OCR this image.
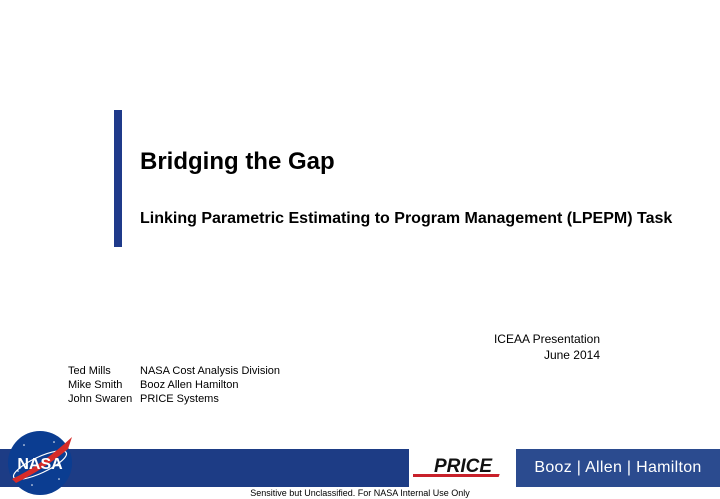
Bridging the Gap
Linking Parametric Estimating to Program Management (LPEPM) Task
ICEAA Presentation
June 2014
Ted Mills	NASA Cost Analysis Division
Mike Smith	Booz Allen Hamilton
John Swaren	PRICE Systems
PRICE	Booz | Allen | Hamilton
NASA
Sensitive but Unclassified. For NASA Internal Use Only
